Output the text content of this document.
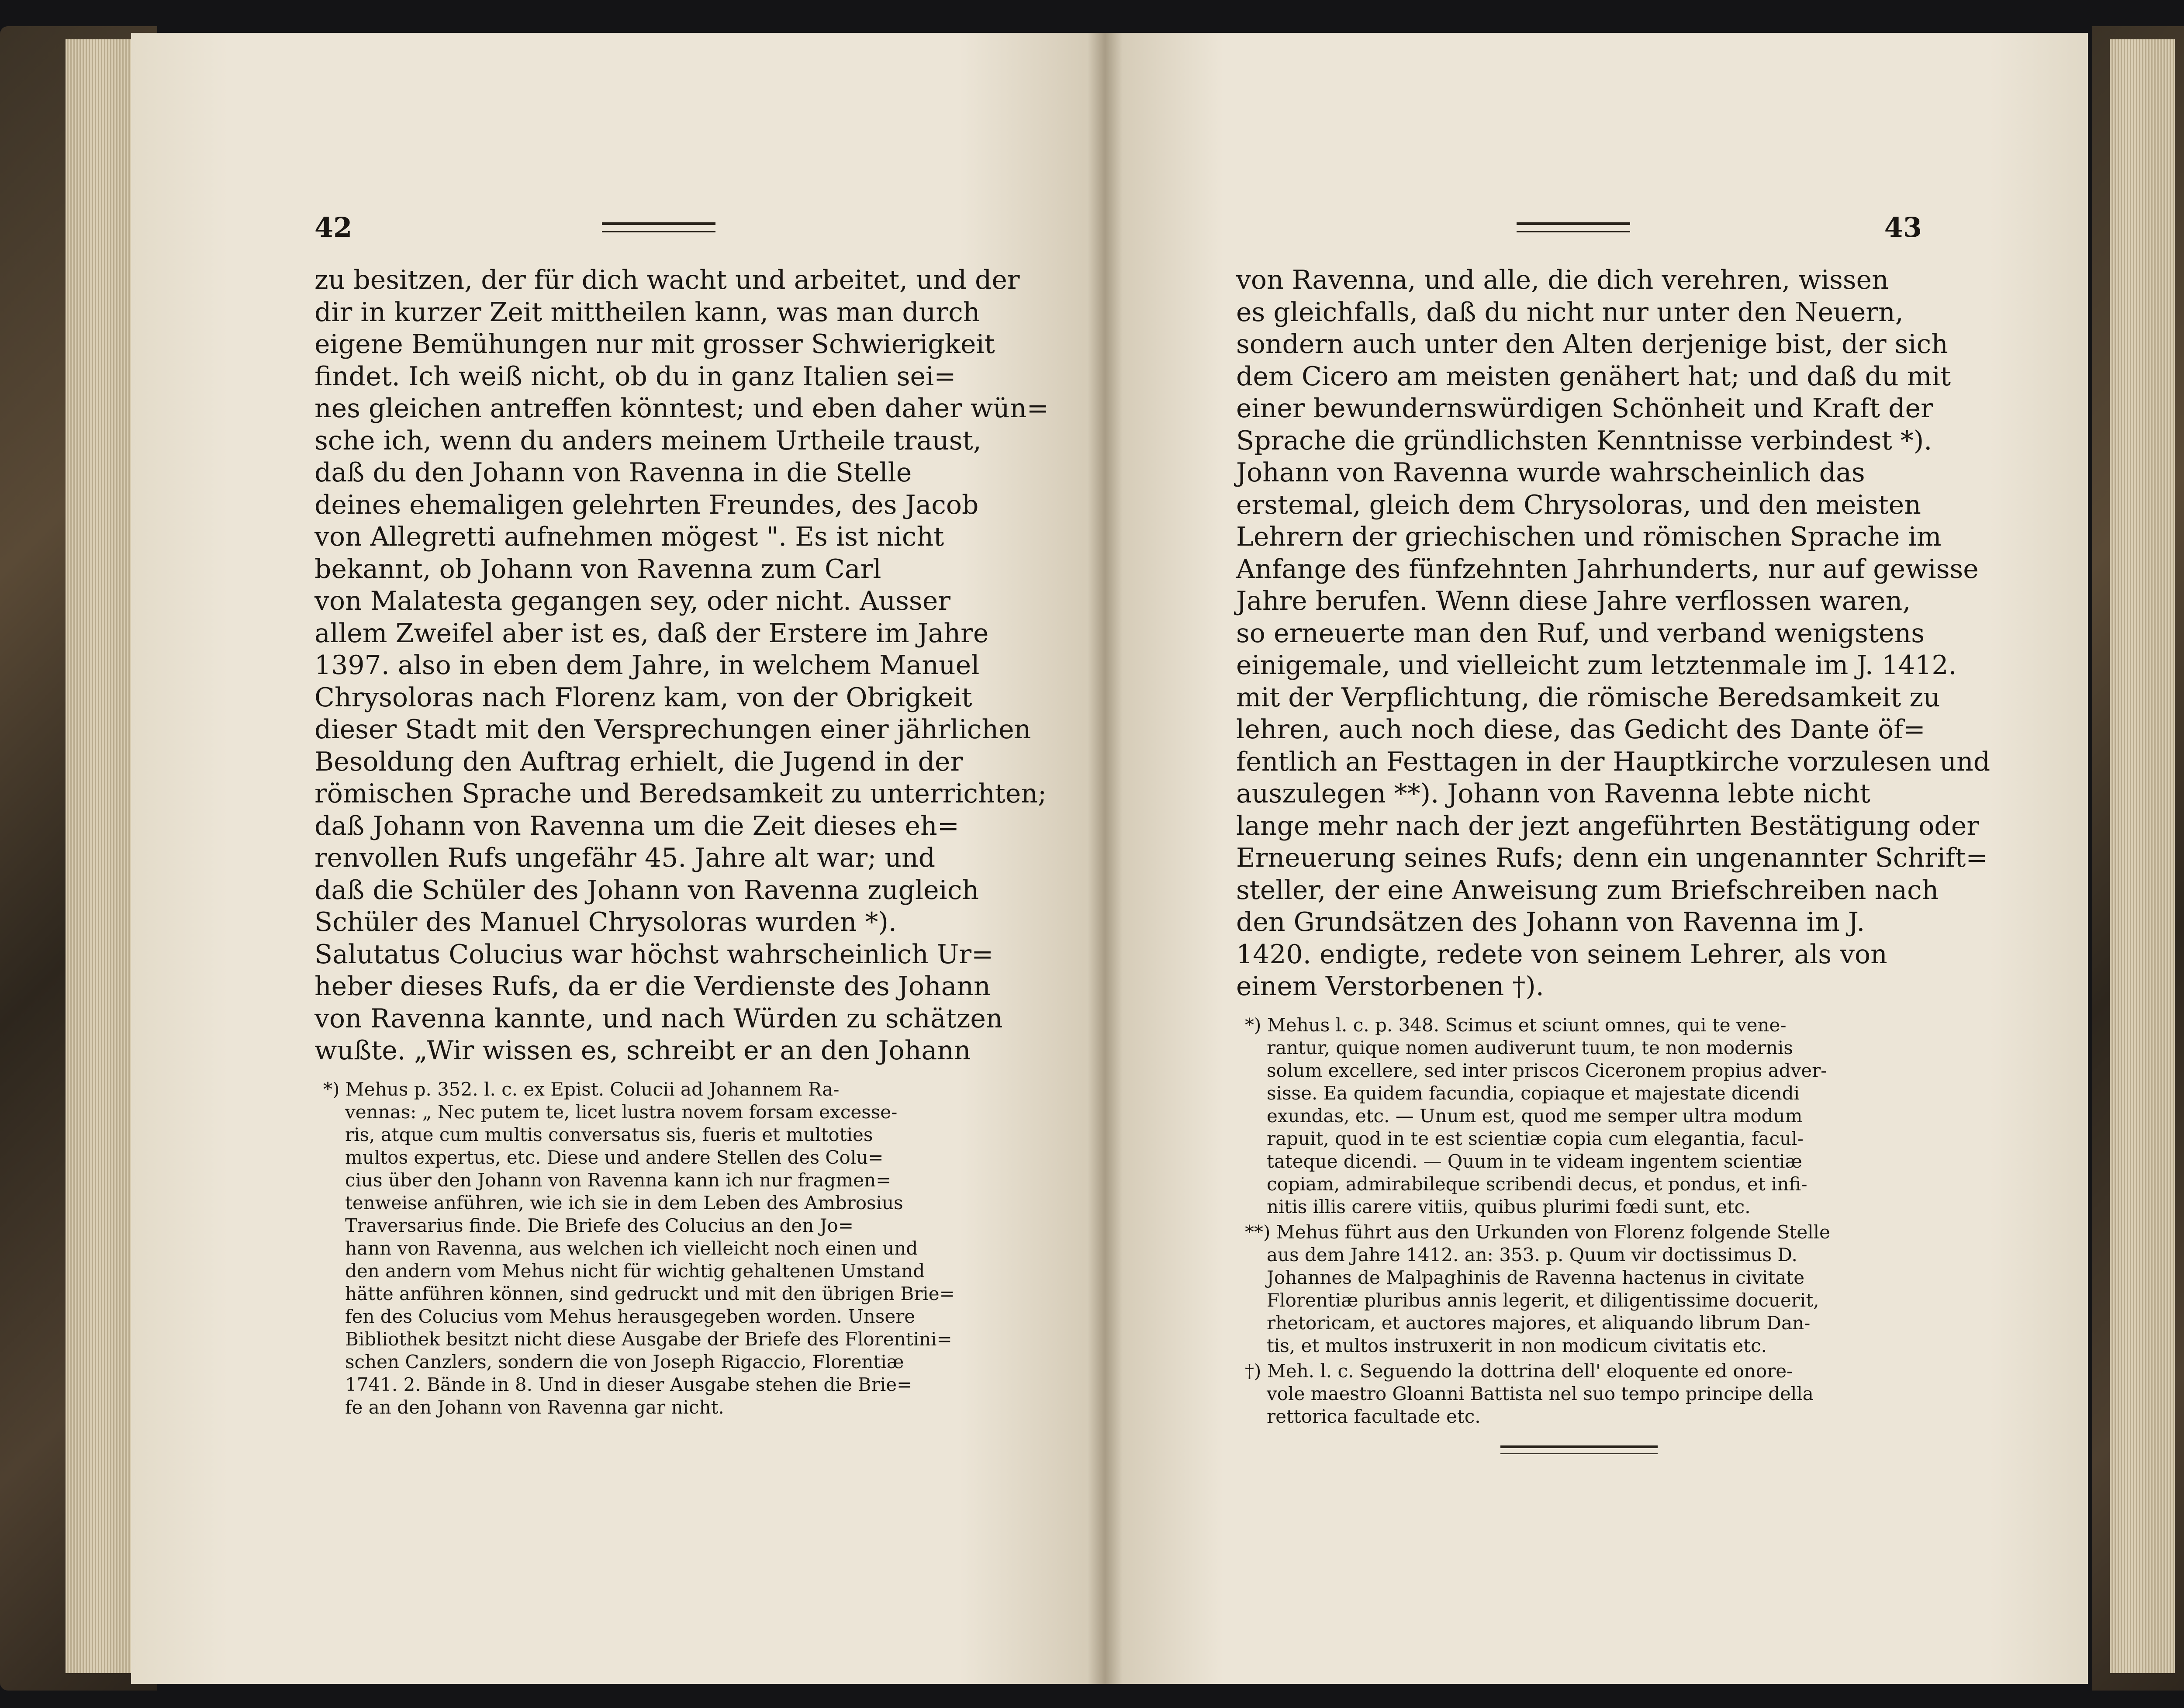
42
zu besitzen, der für dich wacht und arbeitet, und der
dir in kurzer Zeit mittheilen kann, was man durch
eigene Bemühungen nur mit grosser Schwierigkeit
findet. Ich weiß nicht, ob du in ganz Italien sei=
nes gleichen antreffen könntest; und eben daher wün=
sche ich, wenn du anders meinem Urtheile traust,
daß du den Johann von Ravenna in die Stelle
deines ehemaligen gelehrten Freundes, des Jacob
von Allegretti aufnehmen mögest ". Es ist nicht
bekannt, ob Johann von Ravenna zum Carl
von Malatesta gegangen sey, oder nicht. Ausser
allem Zweifel aber ist es, daß der Erstere im Jahre
1397. also in eben dem Jahre, in welchem Manuel
Chrysoloras nach Florenz kam, von der Obrigkeit
dieser Stadt mit den Versprechungen einer jährlichen
Besoldung den Auftrag erhielt, die Jugend in der
römischen Sprache und Beredsamkeit zu unterrichten;
daß Johann von Ravenna um die Zeit dieses eh=
renvollen Rufs ungefähr 45. Jahre alt war; und
daß die Schüler des Johann von Ravenna zugleich
Schüler des Manuel Chrysoloras wurden *).
Salutatus Colucius war höchst wahrscheinlich Ur=
heber dieses Rufs, da er die Verdienste des Johann
von Ravenna kannte, und nach Würden zu schätzen
wußte. „Wir wissen es, schreibt er an den Johann
*) Mehus p. 352. l. c. ex Epist. Colucii ad Johannem Ra-
vennas: „ Nec putem te, licet lustra novem forsam excesse-
ris, atque cum multis conversatus sis, fueris et multoties
multos expertus, etc. Diese und andere Stellen des Colu=
cius über den Johann von Ravenna kann ich nur fragmen=
tenweise anführen, wie ich sie in dem Leben des Ambrosius
Traversarius finde. Die Briefe des Colucius an den Jo=
hann von Ravenna, aus welchen ich vielleicht noch einen und
den andern vom Mehus nicht für wichtig gehaltenen Umstand
hätte anführen können, sind gedruckt und mit den übrigen Brie=
fen des Colucius vom Mehus herausgegeben worden. Unsere
Bibliothek besitzt nicht diese Ausgabe der Briefe des Florentini=
schen Canzlers, sondern die von Joseph Rigaccio, Florentiæ
1741. 2. Bände in 8. Und in dieser Ausgabe stehen die Brie=
fe an den Johann von Ravenna gar nicht.
43
von Ravenna, und alle, die dich verehren, wissen
es gleichfalls, daß du nicht nur unter den Neuern,
sondern auch unter den Alten derjenige bist, der sich
dem Cicero am meisten genähert hat; und daß du mit
einer bewundernswürdigen Schönheit und Kraft der
Sprache die gründlichsten Kenntnisse verbindest *).
Johann von Ravenna wurde wahrscheinlich das
erstemal, gleich dem Chrysoloras, und den meisten
Lehrern der griechischen und römischen Sprache im
Anfange des fünfzehnten Jahrhunderts, nur auf gewisse
Jahre berufen. Wenn diese Jahre verflossen waren,
so erneuerte man den Ruf, und verband wenigstens
einigemale, und vielleicht zum letztenmale im J. 1412.
mit der Verpflichtung, die römische Beredsamkeit zu
lehren, auch noch diese, das Gedicht des Dante öf=
fentlich an Festtagen in der Hauptkirche vorzulesen und
auszulegen **). Johann von Ravenna lebte nicht
lange mehr nach der jezt angeführten Bestätigung oder
Erneuerung seines Rufs; denn ein ungenannter Schrift=
steller, der eine Anweisung zum Briefschreiben nach
den Grundsätzen des Johann von Ravenna im J.
1420. endigte, redete von seinem Lehrer, als von
einem Verstorbenen †).
*) Mehus l. c. p. 348. Scimus et sciunt omnes, qui te vene-
rantur, quique nomen audiverunt tuum, te non modernis
solum excellere, sed inter priscos Ciceronem propius adver-
sisse. Ea quidem facundia, copiaque et majestate dicendi
exundas, etc. — Unum est, quod me semper ultra modum
rapuit, quod in te est scientiæ copia cum elegantia, facul-
tateque dicendi. — Quum in te videam ingentem scientiæ
copiam, admirabileque scribendi decus, et pondus, et infi-
nitis illis carere vitiis, quibus plurimi fœdi sunt, etc.
**) Mehus führt aus den Urkunden von Florenz folgende Stelle
aus dem Jahre 1412. an: 353. p. Quum vir doctissimus D.
Johannes de Malpaghinis de Ravenna hactenus in civitate
Florentiæ pluribus annis legerit, et diligentissime docuerit,
rhetoricam, et auctores majores, et aliquando librum Dan-
tis, et multos instruxerit in non modicum civitatis etc.
†) Meh. l. c. Seguendo la dottrina dell' eloquente ed onore-
vole maestro Gloanni Battista nel suo tempo principe della
rettorica facultade etc.
